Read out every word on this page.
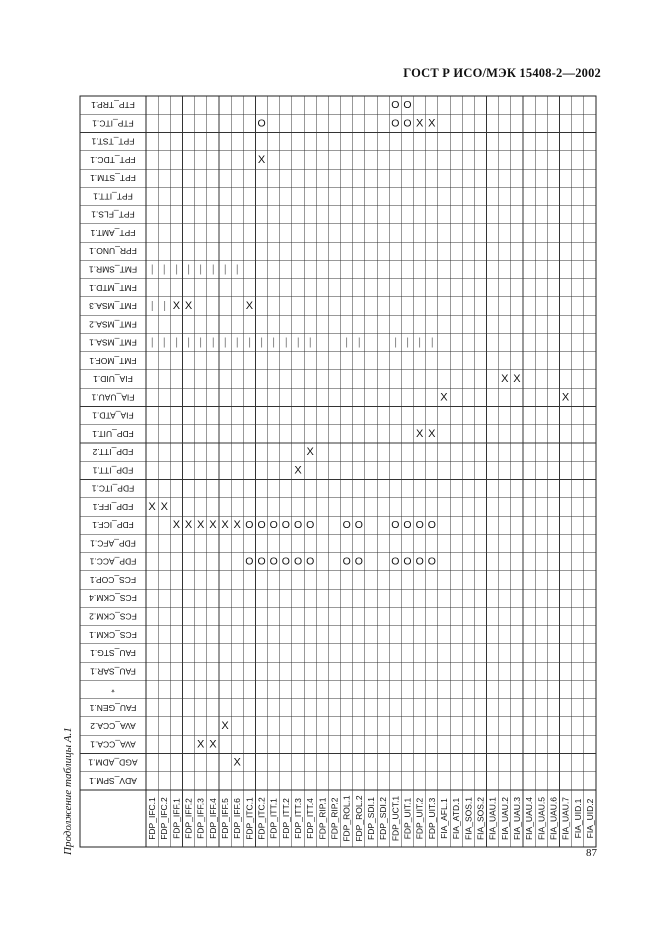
ГОСТ Р ИСО/МЭК 15408-2—2002
Продолжение таблицы А.1
FTP_TRP.1
FTP_ITC.1
FPT_TST.1
FPT_TDC.1
FPT_STM.1
FPT_ITT.1
FPT_FLS.1
FPT_AMT.1
FPR_UNO.1
FMT_SMR.1
FMT_MTD.1
FMT_MSA.3
FMT_MSA.2
FMT_MSA.1
FMT_MOF.1
FIA_UID.1
FIA_UAU.1
FIA_ATD.1
FDP_UIT.1
FDP_ITT.2
FDP_ITT.1
FDP_ITC.1
FDP_IFF.1
FDP_ICF.1
FDP_AFC.1
FDP_ACC.1
FCS_COP.1
FCS_CKM.4
FCS_CKM.2
FCS_CKM.1
FAU_STG.1
FAU_SAR.1
*
FAU_GEN.1
AVA_CCA.2
AVA_CCA.1
AGD_ADM.1
ADV_SPM.1
FDP_IFC.1 FDP_IFC.2 FDP_IFF.1 FDP_IFF.2 FDP_IFF.3 FDP_IFF.4 FDP_IFF.5 FDP_IFF.6 FDP_ITC.1 FDP_ITC.2 FDP_ITT.1 FDP_ITT.2 FDP_ITT.3 FDP_ITT.4 FDP_RIP.1 FDP_RIP.2 FDP_ROL.1 FDP_ROL.2 FDP_SDI.1 FDP_SDI.2 FDP_UCT.1 FDP_UIT.1 FDP_UIT.2 FDP_UIT.3 FIA_AFL.1 FIA_ATD.1 FIA_SOS.1 FIA_SOS.2 FIA_UAU.1 FIA_UAU.2 FIA_UAU.3 FIA_UAU.4 FIA_UAU.5 FIA_UAU.6 FIA_UAU.7 FIA_UID.1 FIA_UID.2
X
—
—
—
X
—
—
—
X
X
—
—
X
X
—
—
X
X
—
—
X
X
—
—
X
X
—
—
X
X
—
—
O
O
X
—
O
O
O
X
—
O
O
—
O
O
—
O
O
X
—
O
O
X
—
O
O
—
O
O
—
O
O
O
O
—
O
O
O
O
—
O
O
X
X
—
O
O
X
X
—
X
X X
X
87
